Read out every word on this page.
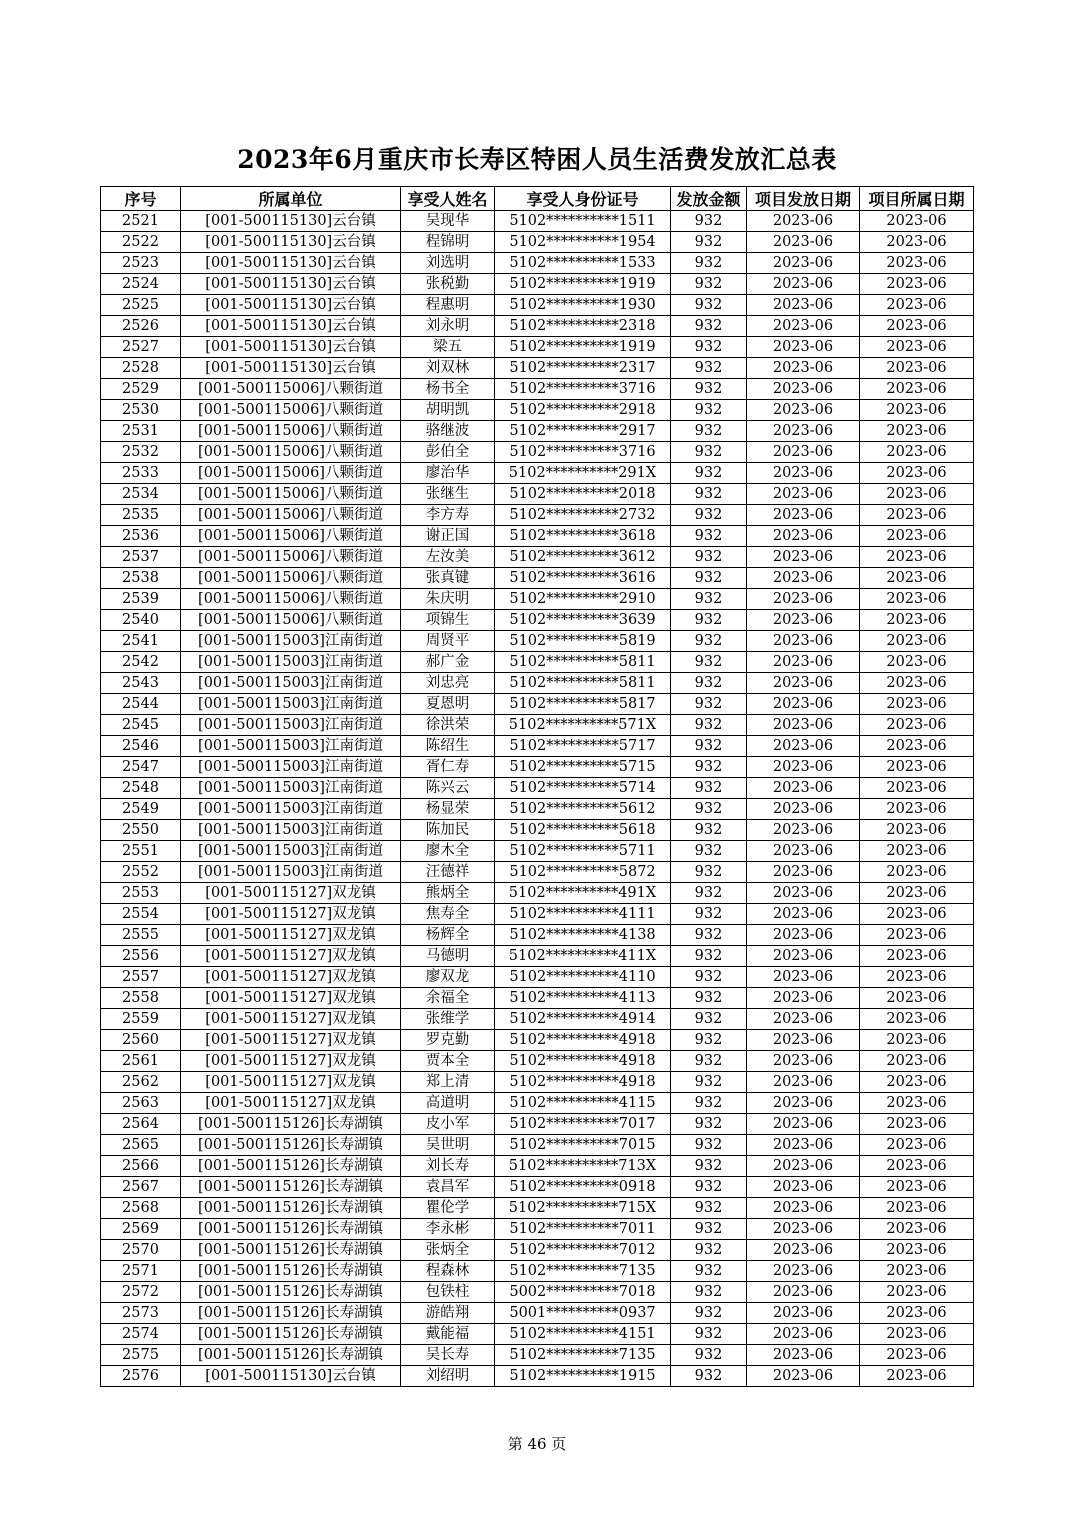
2023年6月重庆市长寿区特困人员生活费发放汇总表
序号	所属单位	享受人姓名	享受人身份证号	发放金额	项目发放日期	项目所属日期
2521	[001-500115130]云台镇	吴现华	5102**********1511	932	2023-06	2023-06
2522	[001-500115130]云台镇	程锦明	5102**********1954	932	2023-06	2023-06
2523	[001-500115130]云台镇	刘选明	5102**********1533	932	2023-06	2023-06
2524	[001-500115130]云台镇	张税勤	5102**********1919	932	2023-06	2023-06
2525	[001-500115130]云台镇	程惠明	5102**********1930	932	2023-06	2023-06
2526	[001-500115130]云台镇	刘永明	5102**********2318	932	2023-06	2023-06
2527	[001-500115130]云台镇	梁五	5102**********1919	932	2023-06	2023-06
2528	[001-500115130]云台镇	刘双林	5102**********2317	932	2023-06	2023-06
2529	[001-500115006]八颗街道	杨书全	5102**********3716	932	2023-06	2023-06
2530	[001-500115006]八颗街道	胡明凯	5102**********2918	932	2023-06	2023-06
2531	[001-500115006]八颗街道	骆继波	5102**********2917	932	2023-06	2023-06
2532	[001-500115006]八颗街道	彭伯全	5102**********3716	932	2023-06	2023-06
2533	[001-500115006]八颗街道	廖治华	5102**********291X	932	2023-06	2023-06
2534	[001-500115006]八颗街道	张继生	5102**********2018	932	2023-06	2023-06
2535	[001-500115006]八颗街道	李方寿	5102**********2732	932	2023-06	2023-06
2536	[001-500115006]八颗街道	谢正国	5102**********3618	932	2023-06	2023-06
2537	[001-500115006]八颗街道	左汝美	5102**********3612	932	2023-06	2023-06
2538	[001-500115006]八颗街道	张真键	5102**********3616	932	2023-06	2023-06
2539	[001-500115006]八颗街道	朱庆明	5102**********2910	932	2023-06	2023-06
2540	[001-500115006]八颗街道	项锦生	5102**********3639	932	2023-06	2023-06
2541	[001-500115003]江南街道	周贤平	5102**********5819	932	2023-06	2023-06
2542	[001-500115003]江南街道	郝广金	5102**********5811	932	2023-06	2023-06
2543	[001-500115003]江南街道	刘忠亮	5102**********5811	932	2023-06	2023-06
2544	[001-500115003]江南街道	夏恩明	5102**********5817	932	2023-06	2023-06
2545	[001-500115003]江南街道	徐洪荣	5102**********571X	932	2023-06	2023-06
2546	[001-500115003]江南街道	陈绍生	5102**********5717	932	2023-06	2023-06
2547	[001-500115003]江南街道	胥仁寿	5102**********5715	932	2023-06	2023-06
2548	[001-500115003]江南街道	陈兴云	5102**********5714	932	2023-06	2023-06
2549	[001-500115003]江南街道	杨显荣	5102**********5612	932	2023-06	2023-06
2550	[001-500115003]江南街道	陈加民	5102**********5618	932	2023-06	2023-06
2551	[001-500115003]江南街道	廖木全	5102**********5711	932	2023-06	2023-06
2552	[001-500115003]江南街道	汪德祥	5102**********5872	932	2023-06	2023-06
2553	[001-500115127]双龙镇	熊炳全	5102**********491X	932	2023-06	2023-06
2554	[001-500115127]双龙镇	焦寿全	5102**********4111	932	2023-06	2023-06
2555	[001-500115127]双龙镇	杨辉全	5102**********4138	932	2023-06	2023-06
2556	[001-500115127]双龙镇	马德明	5102**********411X	932	2023-06	2023-06
2557	[001-500115127]双龙镇	廖双龙	5102**********4110	932	2023-06	2023-06
2558	[001-500115127]双龙镇	余福全	5102**********4113	932	2023-06	2023-06
2559	[001-500115127]双龙镇	张维学	5102**********4914	932	2023-06	2023-06
2560	[001-500115127]双龙镇	罗克勤	5102**********4918	932	2023-06	2023-06
2561	[001-500115127]双龙镇	贾本全	5102**********4918	932	2023-06	2023-06
2562	[001-500115127]双龙镇	郑上清	5102**********4918	932	2023-06	2023-06
2563	[001-500115127]双龙镇	高道明	5102**********4115	932	2023-06	2023-06
2564	[001-500115126]长寿湖镇	皮小军	5102**********7017	932	2023-06	2023-06
2565	[001-500115126]长寿湖镇	吴世明	5102**********7015	932	2023-06	2023-06
2566	[001-500115126]长寿湖镇	刘长寿	5102**********713X	932	2023-06	2023-06
2567	[001-500115126]长寿湖镇	袁昌军	5102**********0918	932	2023-06	2023-06
2568	[001-500115126]长寿湖镇	瞿伦学	5102**********715X	932	2023-06	2023-06
2569	[001-500115126]长寿湖镇	李永彬	5102**********7011	932	2023-06	2023-06
2570	[001-500115126]长寿湖镇	张炳全	5102**********7012	932	2023-06	2023-06
2571	[001-500115126]长寿湖镇	程森林	5102**********7135	932	2023-06	2023-06
2572	[001-500115126]长寿湖镇	包铁柱	5002**********7018	932	2023-06	2023-06
2573	[001-500115126]长寿湖镇	游皓翔	5001**********0937	932	2023-06	2023-06
2574	[001-500115126]长寿湖镇	戴能福	5102**********4151	932	2023-06	2023-06
2575	[001-500115126]长寿湖镇	吴长寿	5102**********7135	932	2023-06	2023-06
2576	[001-500115130]云台镇	刘绍明	5102**********1915	932	2023-06	2023-06
第 46 页
